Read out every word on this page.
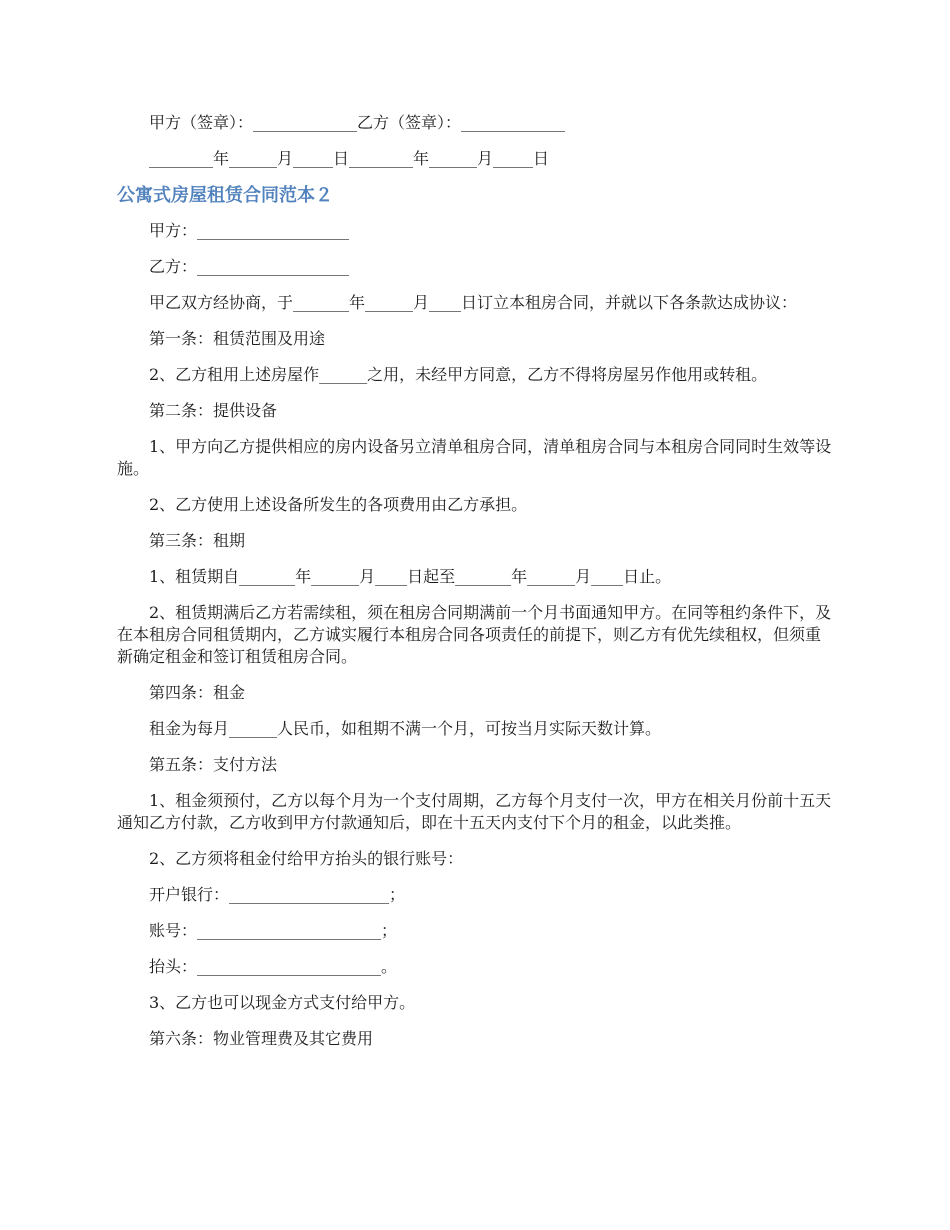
甲方（签章）：_____________乙方（签章）：_____________

________年______月_____日________年______月_____日

公寓式房屋租赁合同范本２

甲方：___________________

乙方：___________________

甲乙双方经协商，于_______年______月____日订立本租房合同，并就以下各条款达成协议：

第一条：租赁范围及用途

2、乙方租用上述房屋作______之用，未经甲方同意，乙方不得将房屋另作他用或转租。

第二条：提供设备

1、甲方向乙方提供相应的房内设备另立清单租房合同，清单租房合同与本租房合同同时生效等设施。

2、乙方使用上述设备所发生的各项费用由乙方承担。

第三条：租期

1、租赁期自_______年______月____日起至_______年______月____日止。

2、租赁期满后乙方若需续租，须在租房合同期满前一个月书面通知甲方。在同等租约条件下，及在本租房合同租赁期内，乙方诚实履行本租房合同各项责任的前提下，则乙方有优先续租权，但须重新确定租金和签订租赁租房合同。

第四条：租金

租金为每月______人民币，如租期不满一个月，可按当月实际天数计算。

第五条：支付方法

1、租金须预付，乙方以每个月为一个支付周期，乙方每个月支付一次，甲方在相关月份前十五天通知乙方付款，乙方收到甲方付款通知后，即在十五天内支付下个月的租金，以此类推。

2、乙方须将租金付给甲方抬头的银行账号：

开户银行：____________________；

账号：_______________________；

抬头：_______________________。

3、乙方也可以现金方式支付给甲方。

第六条：物业管理费及其它费用
